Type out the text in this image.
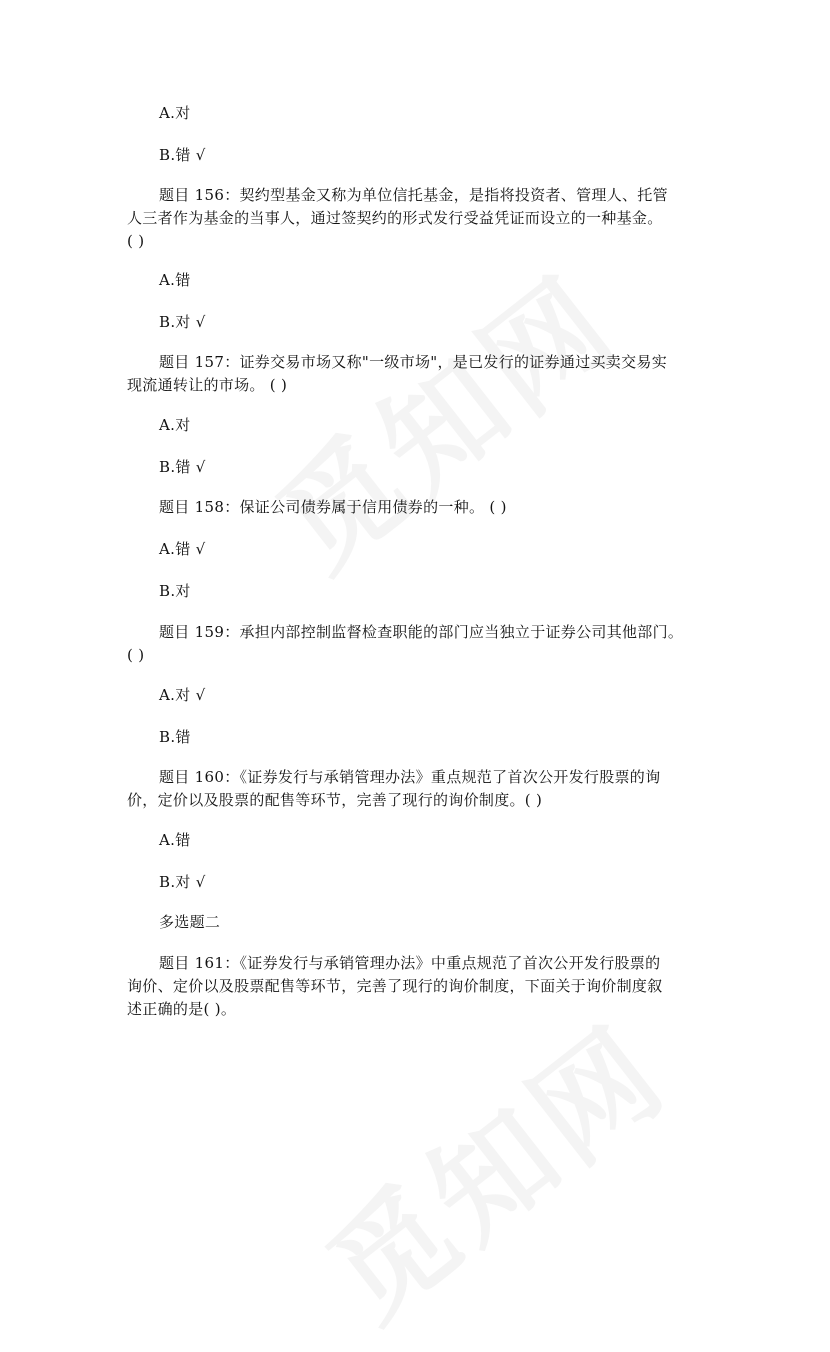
A.对
B.错 √
题目 156：契约型基金又称为单位信托基金，是指将投资者、管理人、托管
人三者作为基金的当事人，通过签契约的形式发行受益凭证而设立的一种基金。
( )
A.错
B.对 √
题目 157：证券交易市场又称"一级市场"，是已发行的证券通过买卖交易实
现流通转让的市场。 ( )
A.对
B.错 √
题目 158：保证公司债券属于信用债券的一种。 ( )
A.错 √
B.对
题目 159：承担内部控制监督检查职能的部门应当独立于证券公司其他部门。
( )
A.对 √
B.错
题目 160：《证券发行与承销管理办法》重点规范了首次公开发行股票的询
价，定价以及股票的配售等环节，完善了现行的询价制度。( )
A.错
B.对 √
多选题二
题目 161：《证券发行与承销管理办法》中重点规范了首次公开发行股票的
询价、定价以及股票配售等环节，完善了现行的询价制度，下面关于询价制度叙
述正确的是( )。
